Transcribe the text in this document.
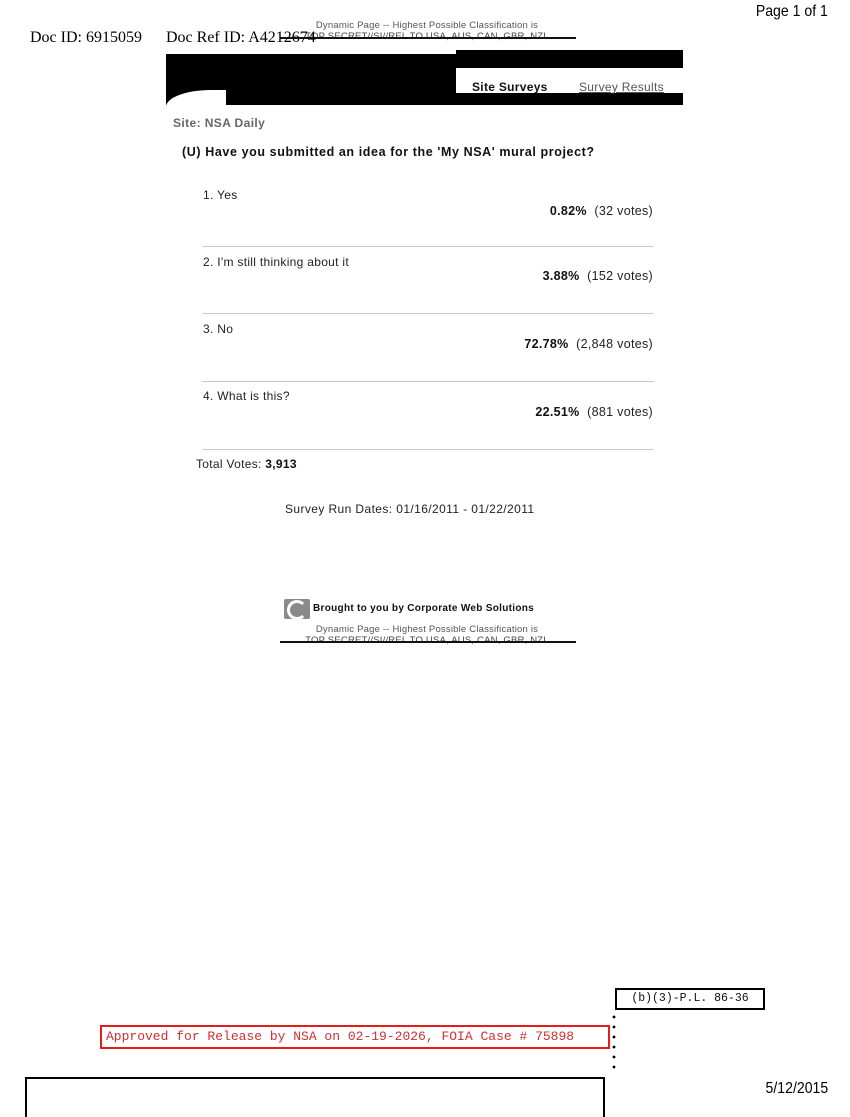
Page 1 of 1
Doc ID: 6915059
Dynamic Page -- Highest Possible Classification is
Doc Ref ID: A4212674
Site Surveys	Survey Results
Site: NSA Daily
(U) Have you submitted an idea for the 'My NSA' mural project?
1. Yes
0.82% (32 votes)
2. I'm still thinking about it
3.88% (152 votes)
3. No
72.78% (2,848 votes)
4. What is this?
22.51% (881 votes)
Total Votes: 3,913
Survey Run Dates: 01/16/2011 - 01/22/2011
Brought to you by Corporate Web Solutions
Dynamic Page -- Highest Possible Classification is
(b)(3)-P.L. 86-36
Approved for Release by NSA on 02-19-2026, FOIA Case # 75898
5/12/2015
